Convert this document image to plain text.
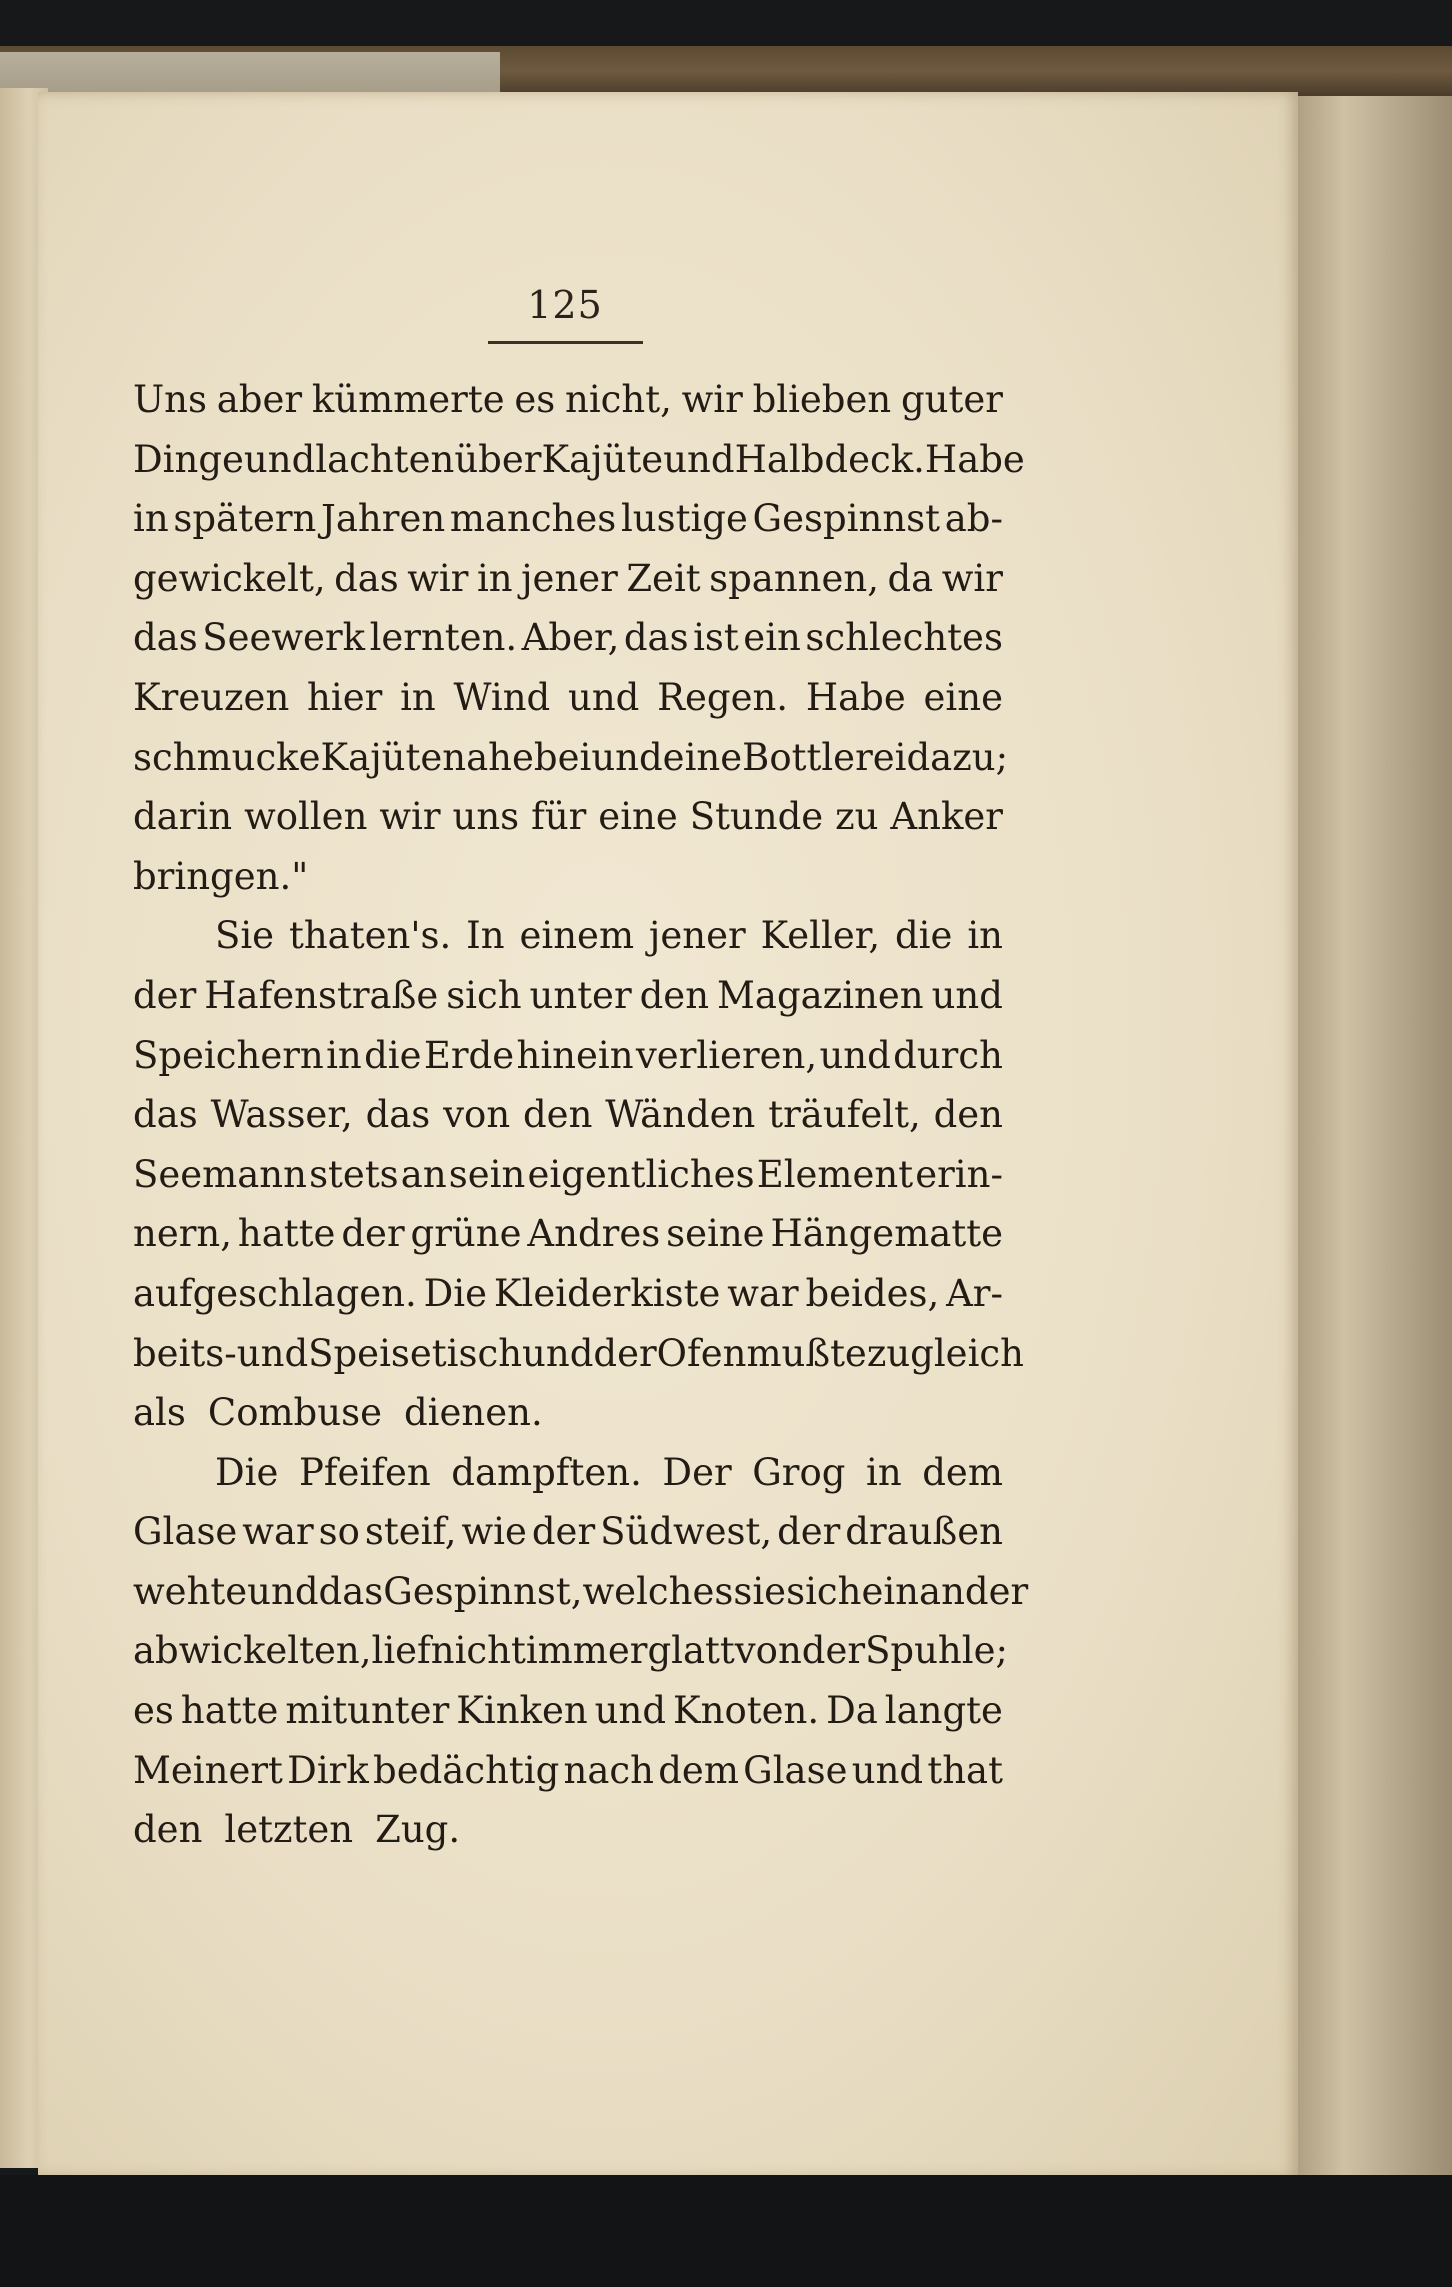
125
Uns aber kümmerte es nicht, wir blieben guter
Dinge und lachten über Kajüte und Halbdeck. Habe
in spätern Jahren manches lustige Gespinnst ab-
gewickelt, das wir in jener Zeit spannen, da wir
das Seewerk lernten. Aber, das ist ein schlechtes
Kreuzen hier in Wind und Regen. Habe eine
schmucke Kajüte nahebei und eine Bottlerei dazu;
darin wollen wir uns für eine Stunde zu Anker
bringen."
Sie thaten's. In einem jener Keller, die in
der Hafenstraße sich unter den Magazinen und
Speichern in die Erde hinein verlieren, und durch
das Wasser, das von den Wänden träufelt, den
Seemann stets an sein eigentliches Element erin-
nern, hatte der grüne Andres seine Hängematte
aufgeschlagen. Die Kleiderkiste war beides, Ar-
beits- und Speisetisch und der Ofen mußte zugleich
als Combuse dienen.
Die Pfeifen dampften. Der Grog in dem
Glase war so steif, wie der Südwest, der draußen
wehte und das Gespinnst, welches sie sich einander
abwickelten, lief nicht immer glatt von der Spuhle;
es hatte mitunter Kinken und Knoten. Da langte
Meinert Dirk bedächtig nach dem Glase und that
den letzten Zug.
